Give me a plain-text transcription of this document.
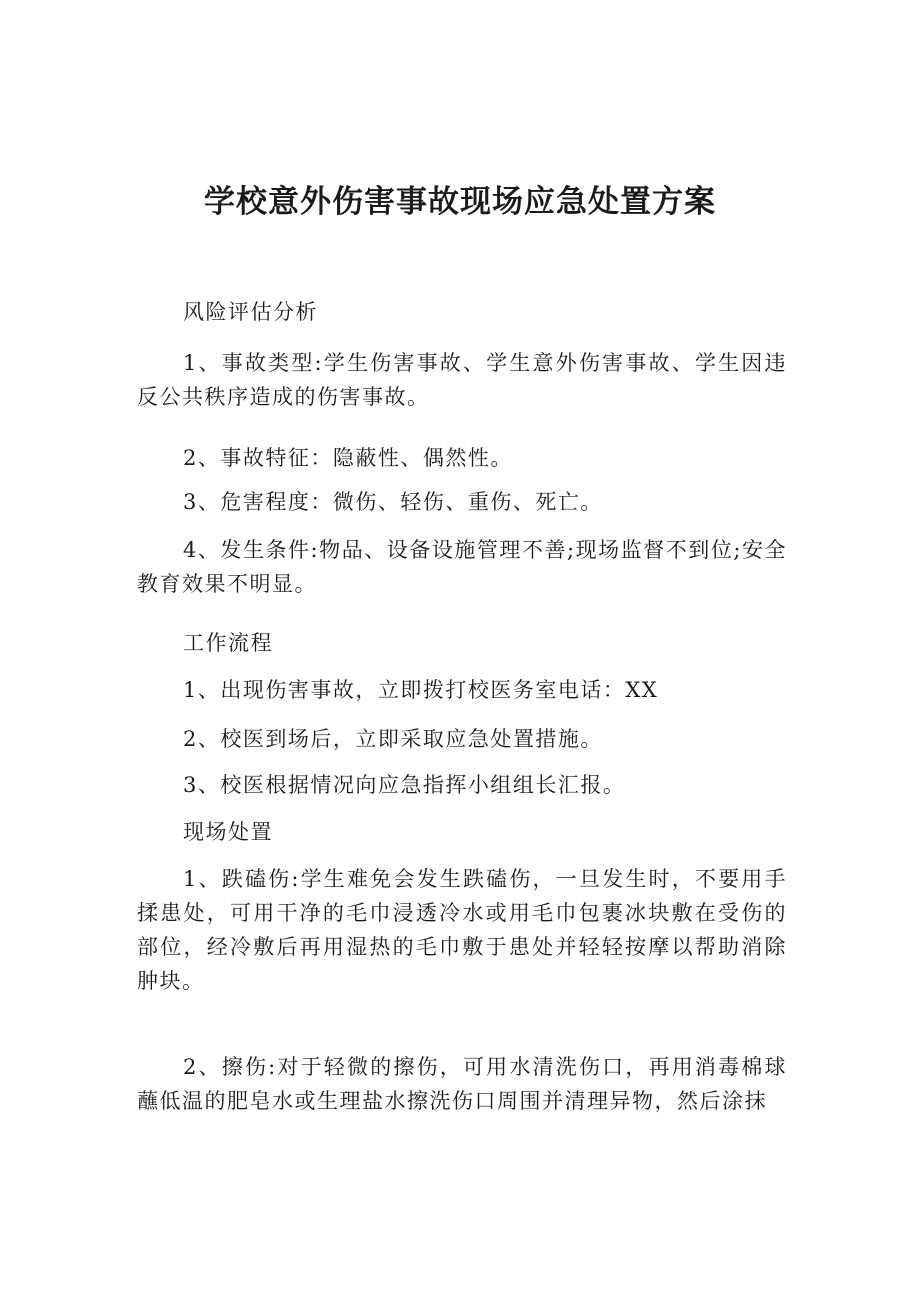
学校意外伤害事故现场应急处置方案

风险评估分析

1、事故类型:学生伤害事故、学生意外伤害事故、学生因违反公共秩序造成的伤害事故。

2、事故特征：隐蔽性、偶然性。

3、危害程度：微伤、轻伤、重伤、死亡。

4、发生条件:物品、设备设施管理不善;现场监督不到位;安全教育效果不明显。

工作流程

1、出现伤害事故，立即拨打校医务室电话：XX

2、校医到场后，立即采取应急处置措施。

3、校医根据情况向应急指挥小组组长汇报。

现场处置

1、跌磕伤:学生难免会发生跌磕伤，一旦发生时，不要用手揉患处，可用干净的毛巾浸透冷水或用毛巾包裹冰块敷在受伤的部位，经冷敷后再用湿热的毛巾敷于患处并轻轻按摩以帮助消除肿块。

2、擦伤:对于轻微的擦伤，可用水清洗伤口，再用消毒棉球蘸低温的肥皂水或生理盐水擦洗伤口周围并清理异物，然后涂抹
